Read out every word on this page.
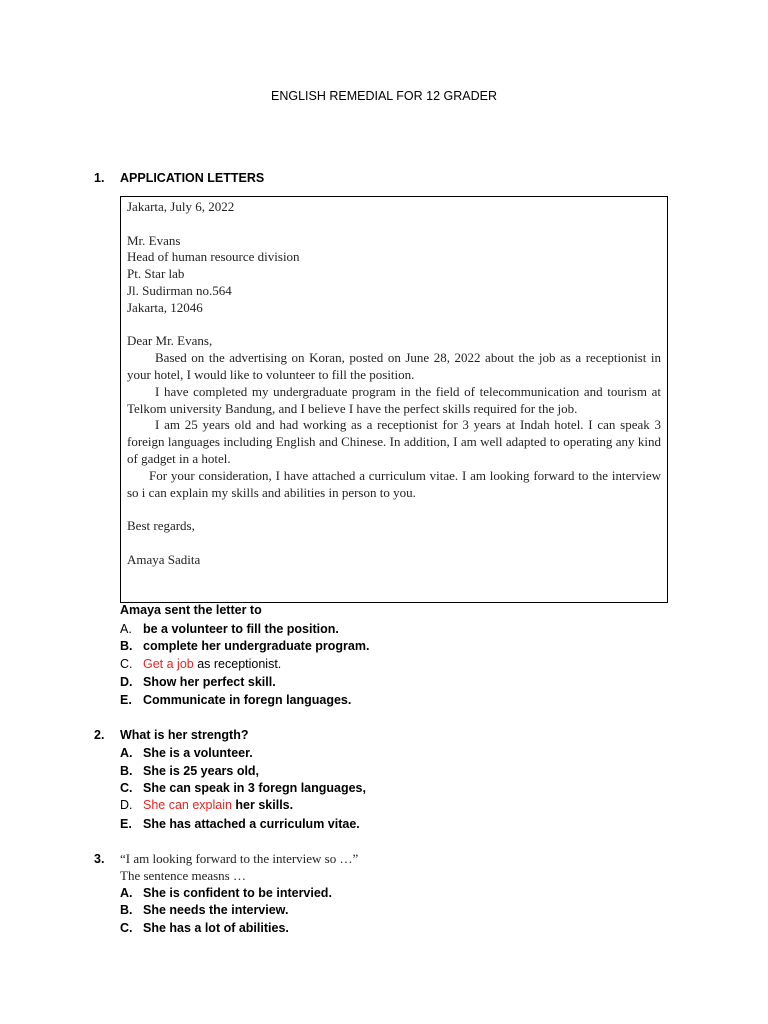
ENGLISH REMEDIAL FOR 12 GRADER
1. APPLICATION LETTERS
Jakarta, July 6, 2022
Mr. Evans
Head of human resource division
Pt. Star lab
Jl. Sudirman no.564
Jakarta, 12046
Dear Mr. Evans,

Based on the advertising on Koran, posted on June 28, 2022 about the job as a receptionist in your hotel, I would like to volunteer to fill the position.

I have completed my undergraduate program in the field of telecommunication and tourism at Telkom university Bandung, and I believe I have the perfect skills required for the job.

I am 25 years old and had working as a receptionist for 3 years at Indah hotel. I can speak 3 foreign languages including English and Chinese. In addition, I am well adapted to operating any kind of gadget in a hotel.

For your consideration, I have attached a curriculum vitae. I am looking forward to the interview so i can explain my skills and abilities in person to you.

Best regards,
Amaya Sadita
Amaya sent the letter to
A. be a volunteer to fill the position.
B. complete her undergraduate program.
C. Get a job as receptionist.
D. Show her perfect skill.
E. Communicate in foregn languages.
2. What is her strength?
A. She is a volunteer.
B. She is 25 years old,
C. She can speak in 3 foregn languages,
D. She can explain her skills.
E. She has attached a curriculum vitae.
3. “I am looking forward to the interview so …”
The sentence measns …
A. She is confident to be intervied.
B. She needs the interview.
C. She has a lot of abilities.
